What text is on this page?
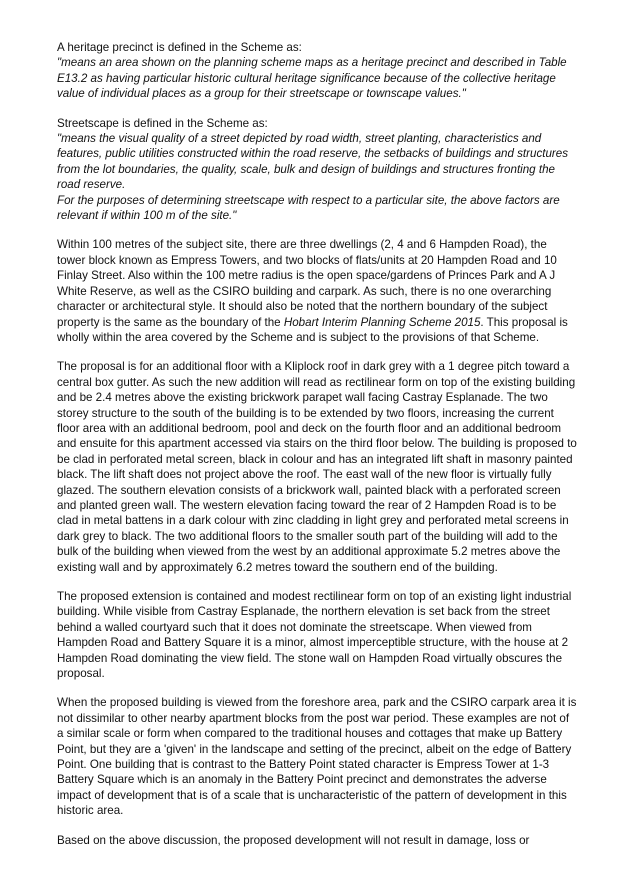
A heritage precinct is defined in the Scheme as:

"means an area shown on the planning scheme maps as a heritage precinct and described in Table E13.2 as having particular historic cultural heritage significance because of the collective heritage value of individual places as a group for their streetscape or townscape values."

Streetscape is defined in the Scheme as:

"means the visual quality of a street depicted by road width, street planting, characteristics and features, public utilities constructed within the road reserve, the setbacks of buildings and structures from the lot boundaries, the quality, scale, bulk and design of buildings and structures fronting the road reserve.

For the purposes of determining streetscape with respect to a particular site, the above factors are relevant if within 100 m of the site."

Within 100 metres of the subject site, there are three dwellings (2, 4 and 6 Hampden Road), the tower block known as Empress Towers, and two blocks of flats/units at 20 Hampden Road and 10 Finlay Street. Also within the 100 metre radius is the open space/gardens of Princes Park and A J White Reserve, as well as the CSIRO building and carpark. As such, there is no one overarching character or architectural style. It should also be noted that the northern boundary of the subject property is the same as the boundary of the Hobart Interim Planning Scheme 2015. This proposal is wholly within the area covered by the Scheme and is subject to the provisions of that Scheme.

The proposal is for an additional floor with a Kliplock roof in dark grey with a 1 degree pitch toward a central box gutter. As such the new addition will read as rectilinear form on top of the existing building and be 2.4 metres above the existing brickwork parapet wall facing Castray Esplanade. The two storey structure to the south of the building is to be extended by two floors, increasing the current floor area with an additional bedroom, pool and deck on the fourth floor and an additional bedroom and ensuite for this apartment accessed via stairs on the third floor below. The building is proposed to be clad in perforated metal screen, black in colour and has an integrated lift shaft in masonry painted black. The lift shaft does not project above the roof. The east wall of the new floor is virtually fully glazed. The southern elevation consists of a brickwork wall, painted black with a perforated screen and planted green wall. The western elevation facing toward the rear of 2 Hampden Road is to be clad in metal battens in a dark colour with zinc cladding in light grey and perforated metal screens in dark grey to black. The two additional floors to the smaller south part of the building will add to the bulk of the building when viewed from the west by an additional approximate 5.2 metres above the existing wall and by approximately 6.2 metres toward the southern end of the building.

The proposed extension is contained and modest rectilinear form on top of an existing light industrial building. While visible from Castray Esplanade, the northern elevation is set back from the street behind a walled courtyard such that it does not dominate the streetscape. When viewed from Hampden Road and Battery Square it is a minor, almost imperceptible structure, with the house at 2 Hampden Road dominating the view field. The stone wall on Hampden Road virtually obscures the proposal.

When the proposed building is viewed from the foreshore area, park and the CSIRO carpark area it is not dissimilar to other nearby apartment blocks from the post war period. These examples are not of a similar scale or form when compared to the traditional houses and cottages that make up Battery Point, but they are a 'given' in the landscape and setting of the precinct, albeit on the edge of Battery Point. One building that is contrast to the Battery Point stated character is Empress Tower at 1-3 Battery Square which is an anomaly in the Battery Point precinct and demonstrates the adverse impact of development that is of a scale that is uncharacteristic of the pattern of development in this historic area.

Based on the above discussion, the proposed development will not result in damage, loss or
